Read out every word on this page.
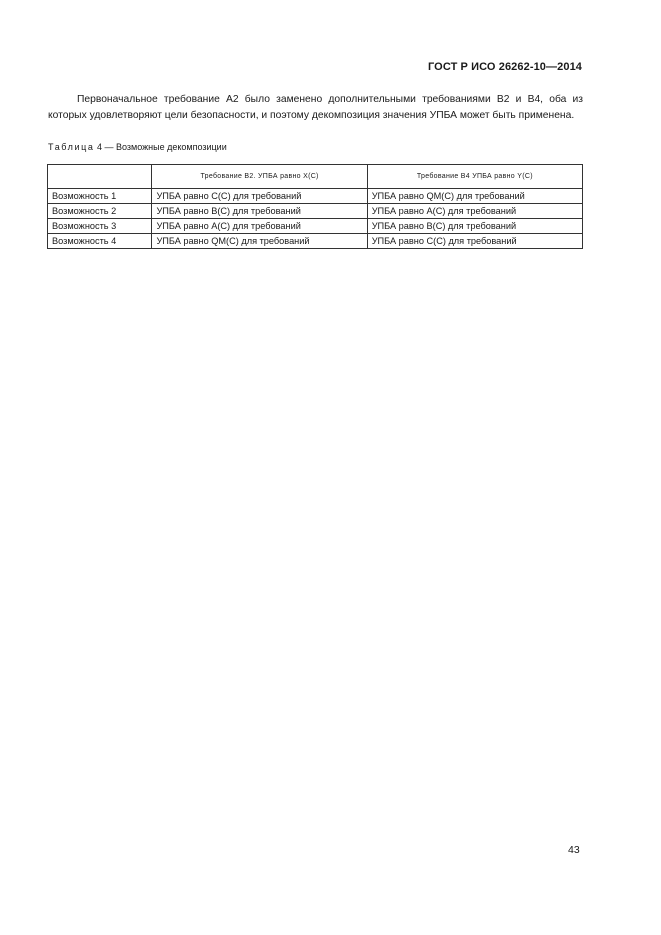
ГОСТ Р ИСО 26262-10—2014

Первоначальное требование A2 было заменено дополнительными требованиями B2 и B4, оба из которых удовлетворяют цели безопасности, и поэтому декомпозиция значения УПБА может быть применена.

Таблица 4 — Возможные декомпозиции
	Требование B2. УПБА равно X(C)	Требование B4 УПБА равно Y(C)
Возможность 1	УПБА равно C(C) для требований	УПБА равно QM(C) для требований
Возможность 2	УПБА равно B(C) для требований	УПБА равно A(C) для требований
Возможность 3	УПБА равно A(C) для требований	УПБА равно B(C) для требований
Возможность 4	УПБА равно QM(C) для требований	УПБА равно C(C) для требований
43
